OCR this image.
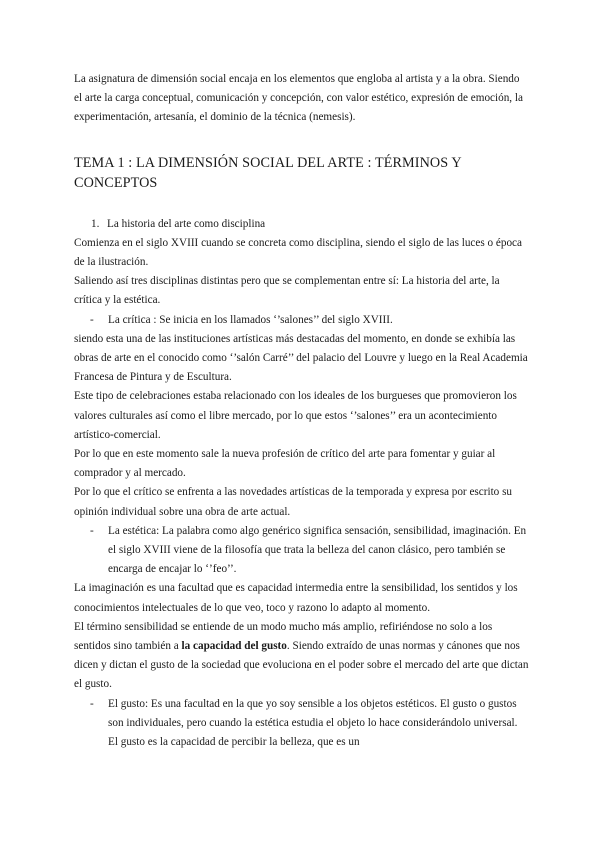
La asignatura de dimensión social encaja en los elementos que engloba al artista y a la obra. Siendo el arte la carga conceptual, comunicación y concepción, con valor estético, expresión de emoción, la experimentación, artesanía, el dominio de la técnica (nemesis).

TEMA 1 : LA DIMENSIÓN SOCIAL DEL ARTE : TÉRMINOS Y CONCEPTOS

1. La historia del arte como disciplina

Comienza en el siglo XVIII cuando se concreta como disciplina, siendo el siglo de las luces o época de la ilustración.

Saliendo así tres disciplinas distintas pero que se complementan entre sí: La historia del arte, la crítica y la estética.

-	La crítica : Se inicia en los llamados ‘’salones’’ del siglo XVIII.

siendo esta una de las instituciones artísticas más destacadas del momento, en donde se exhibía las obras de arte en el conocido como ‘’salón Carré’’ del palacio del Louvre y luego en la Real Academia Francesa de Pintura y de Escultura.

Este tipo de celebraciones estaba relacionado con los ideales de los burgueses que promovieron los valores culturales así como el libre mercado, por lo que estos ‘’salones’’ era un acontecimiento artístico-comercial.

Por lo que en este momento sale la nueva profesión de crítico del arte para fomentar y guiar al comprador y al mercado.

Por lo que el crítico se enfrenta a las novedades artísticas de la temporada y expresa por escrito su opinión individual sobre una obra de arte actual.

-	La estética: La palabra como algo genérico significa sensación, sensibilidad, imaginación. En el siglo XVIII viene de la filosofía que trata la belleza del canon clásico, pero también se encarga de encajar lo ‘’feo’’.

La imaginación es una facultad que es capacidad intermedia entre la sensibilidad, los sentidos y los conocimientos intelectuales de lo que veo, toco y razono lo adapto al momento.

El término sensibilidad se entiende de un modo mucho más amplio, refiriéndose no solo a los sentidos sino también a la capacidad del gusto. Siendo extraído de unas normas y cánones que nos dicen y dictan el gusto de la sociedad que evoluciona en el poder sobre el mercado del arte que dictan el gusto.

-	El gusto: Es una facultad en la que yo soy sensible a los objetos estéticos. El gusto o gustos son individuales, pero cuando la estética estudia el objeto lo hace considerándolo universal. El gusto es la capacidad de percibir la belleza, que es un
